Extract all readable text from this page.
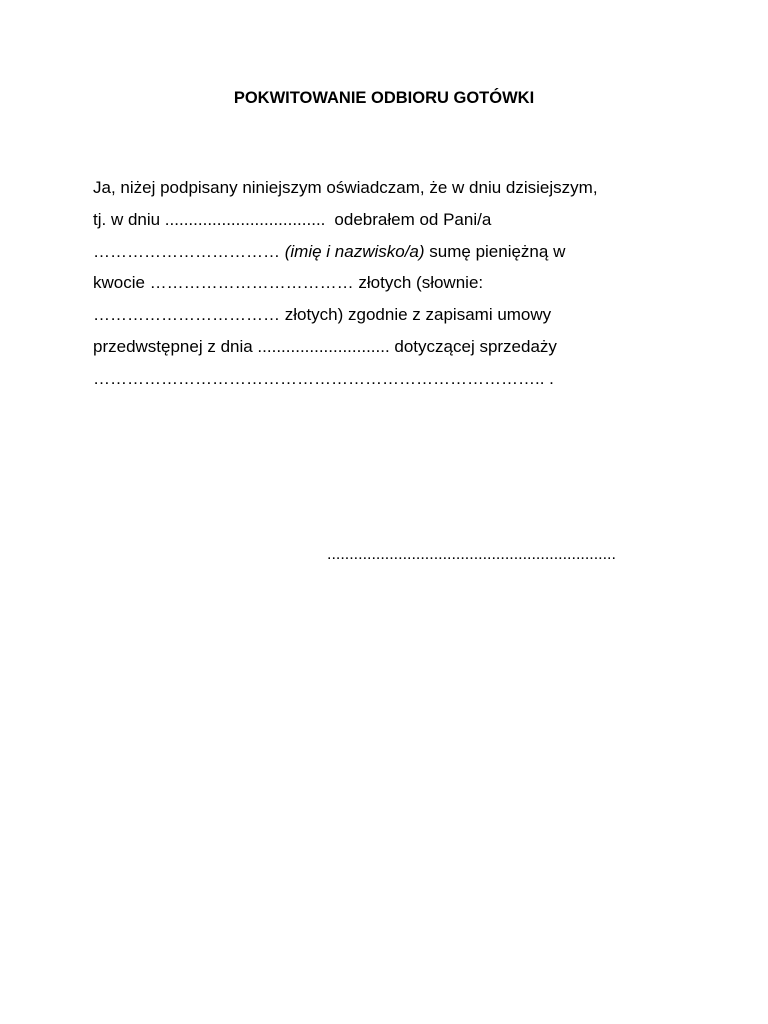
POKWITOWANIE ODBIORU GOTÓWKI
Ja, niżej podpisany niniejszym oświadczam, że w dniu dzisiejszym,
tj. w dniu .................................. odebrałem od Pani/a
…………………………… (imię i nazwisko/a) sumę pieniężną w
kwocie ……………………………… złotych (słownie:
…………………………… złotych) zgodnie z zapisami umowy
przedwstępnej z dnia ............................ dotyczącej sprzedaży
…………………………………………………………………….. .
.................................................................
